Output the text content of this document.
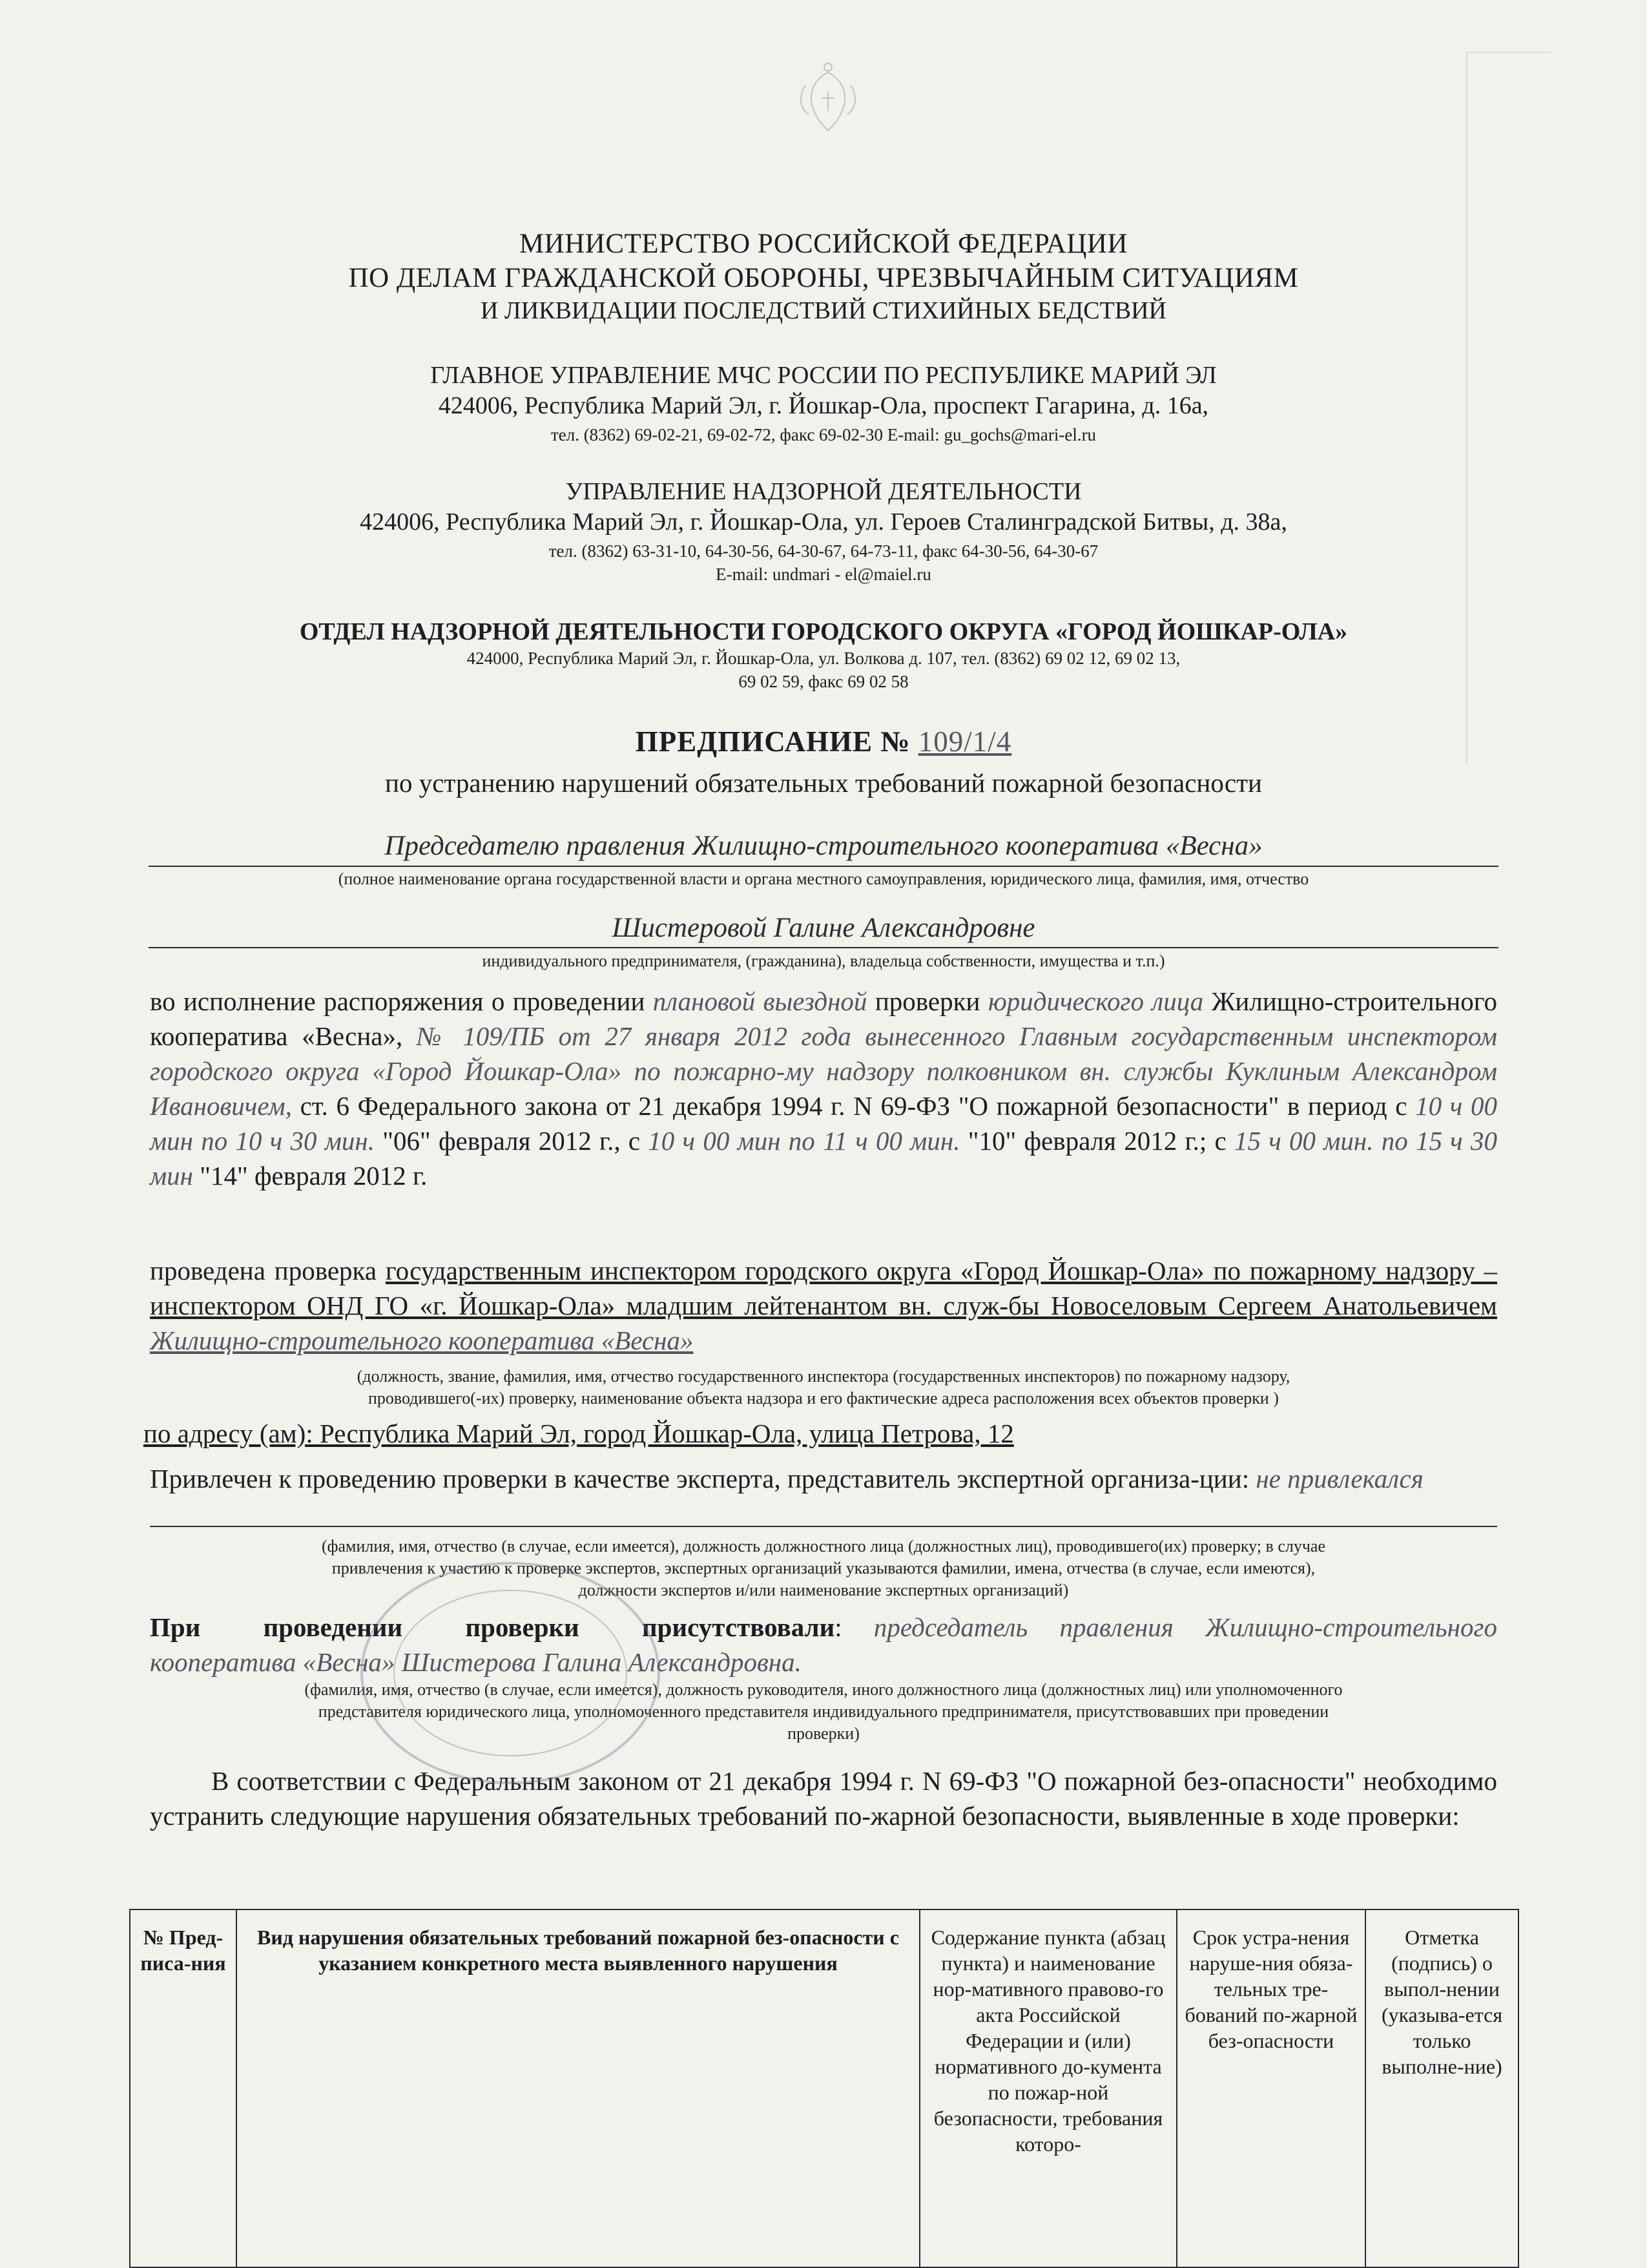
МИНИСТЕРСТВО РОССИЙСКОЙ ФЕДЕРАЦИИ
ПО ДЕЛАМ ГРАЖДАНСКОЙ ОБОРОНЫ, ЧРЕЗВЫЧАЙНЫМ СИТУАЦИЯМ
И ЛИКВИДАЦИИ ПОСЛЕДСТВИЙ СТИХИЙНЫХ БЕДСТВИЙ
ГЛАВНОЕ УПРАВЛЕНИЕ МЧС РОССИИ ПО РЕСПУБЛИКЕ МАРИЙ ЭЛ
424006, Республика Марий Эл, г. Йошкар-Ола, проспект Гагарина, д. 16а,
тел. (8362) 69-02-21, 69-02-72, факс 69-02-30 E-mail: gu_gochs@mari-el.ru
УПРАВЛЕНИЕ НАДЗОРНОЙ ДЕЯТЕЛЬНОСТИ
424006, Республика Марий Эл, г. Йошкар-Ола, ул. Героев Сталинградской Битвы, д. 38а,
тел. (8362) 63-31-10, 64-30-56, 64-30-67, 64-73-11, факс 64-30-56, 64-30-67
E-mail: undmari - el@maiel.ru
ОТДЕЛ НАДЗОРНОЙ ДЕЯТЕЛЬНОСТИ ГОРОДСКОГО ОКРУГА «ГОРОД ЙОШКАР-ОЛА»
424000, Республика Марий Эл, г. Йошкар-Ола, ул. Волкова д. 107, тел. (8362) 69 02 12, 69 02 13,
69 02 59, факс 69 02 58
ПРЕДПИСАНИЕ № 109/1/4
по устранению нарушений обязательных требований пожарной безопасности
Председателю правления Жилищно-строительного кооператива «Весна»
(полное наименование органа государственной власти и органа местного самоуправления, юридического лица, фамилия, имя, отчество
Шистеровой Галине Александровне
индивидуального предпринимателя, (гражданина), владельца собственности, имущества и т.п.)
во исполнение распоряжения о проведении плановой выездной проверки юридического лица Жилищно-строительного кооператива «Весна», № 109/ПБ от 27 января 2012 года вынесенного Главным государственным инспектором городского округа «Город Йошкар-Ола» по пожарно-му надзору полковником вн. службы Куклиным Александром Ивановичем, ст. 6 Федерального закона от 21 декабря 1994 г. N 69-ФЗ "О пожарной безопасности" в период с 10 ч 00 мин по 10 ч 30 мин. "06" февраля 2012 г., с 10 ч 00 мин по 11 ч 00 мин. "10" февраля 2012 г.; с 15 ч 00 мин. по 15 ч 30 мин "14" февраля 2012 г.
проведена проверка государственным инспектором городского округа «Город Йошкар-Ола» по пожарному надзору – инспектором ОНД ГО «г. Йошкар-Ола» младшим лейтенантом вн. служ-бы Новоселовым Сергеем Анатольевичем Жилищно-строительного кооператива «Весна»
(должность, звание, фамилия, имя, отчество государственного инспектора (государственных инспекторов) по пожарному надзору,
проводившего(-их) проверку, наименование объекта надзора и его фактические адреса расположения всех объектов проверки )
по адресу (ам): Республика Марий Эл, город Йошкар-Ола, улица Петрова, 12
Привлечен к проведению проверки в качестве эксперта, представитель экспертной организа-ции: не привлекался
(фамилия, имя, отчество (в случае, если имеется), должность должностного лица (должностных лиц), проводившего(их) проверку; в случае
привлечения к участию к проверке экспертов, экспертных организаций указываются фамилии, имена, отчества (в случае, если имеются),
должности экспертов и/или наименование экспертных организаций)
При проведении проверки присутствовали: председатель правления Жилищно-строительного кооператива «Весна» Шистерова Галина Александровна.
(фамилия, имя, отчество (в случае, если имеется), должность руководителя, иного должностного лица (должностных лиц) или уполномоченного
представителя юридического лица, уполномоченного представителя индивидуального предпринимателя, присутствовавших при проведении
проверки)
В соответствии с Федеральным законом от 21 декабря 1994 г. N 69-ФЗ "О пожарной без-опасности" необходимо устранить следующие нарушения обязательных требований по-жарной безопасности, выявленные в ходе проверки:
№ Пред-писа-ния	Вид нарушения обязательных требований пожарной без-опасности с указанием конкретного места выявленного нарушения	Содержание пункта (абзац пункта) и наименование нор-мативного правово-го акта Российской Федерации и (или) нормативного до-кумента по пожар-ной безопасности, требования которо-	Срок устра-нения наруше-ния обяза-тельных тре-бований по-жарной без-опасности	Отметка (подпись) о выпол-нении (указыва-ется только выполне-ние)
